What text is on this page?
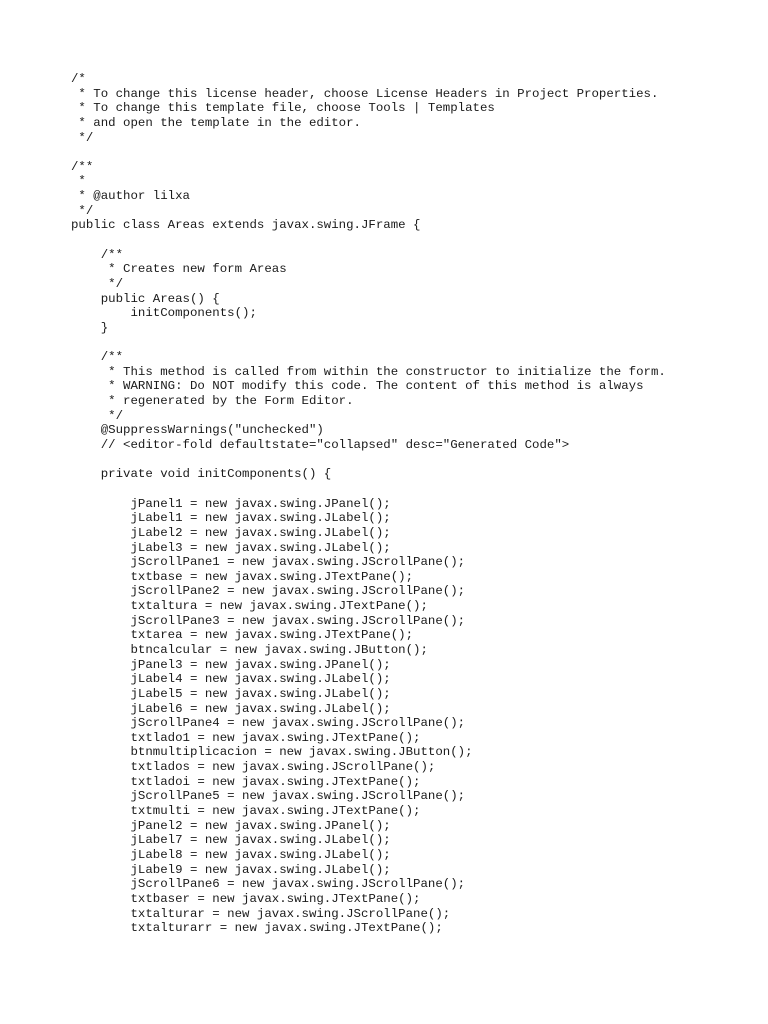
/*
* To change this license header, choose License Headers in Project Properties.
* To change this template file, choose Tools | Templates
* and open the template in the editor.
*/

/**
*
* @author lilxa
*/
public class Areas extends javax.swing.JFrame {

/**
* Creates new form Areas
*/
public Areas() {
initComponents();
}

/**
* This method is called from within the constructor to initialize the form.
* WARNING: Do NOT modify this code. The content of this method is always
* regenerated by the Form Editor.
*/
@SuppressWarnings("unchecked")
// <editor-fold defaultstate="collapsed" desc="Generated Code">

private void initComponents() {

jPanel1 = new javax.swing.JPanel();
jLabel1 = new javax.swing.JLabel();
jLabel2 = new javax.swing.JLabel();
jLabel3 = new javax.swing.JLabel();
jScrollPane1 = new javax.swing.JScrollPane();
txtbase = new javax.swing.JTextPane();
jScrollPane2 = new javax.swing.JScrollPane();
txtaltura = new javax.swing.JTextPane();
jScrollPane3 = new javax.swing.JScrollPane();
txtarea = new javax.swing.JTextPane();
btncalcular = new javax.swing.JButton();
jPanel3 = new javax.swing.JPanel();
jLabel4 = new javax.swing.JLabel();
jLabel5 = new javax.swing.JLabel();
jLabel6 = new javax.swing.JLabel();
jScrollPane4 = new javax.swing.JScrollPane();
txtlado1 = new javax.swing.JTextPane();
btnmultiplicacion = new javax.swing.JButton();
txtlados = new javax.swing.JScrollPane();
txtladoi = new javax.swing.JTextPane();
jScrollPane5 = new javax.swing.JScrollPane();
txtmulti = new javax.swing.JTextPane();
jPanel2 = new javax.swing.JPanel();
jLabel7 = new javax.swing.JLabel();
jLabel8 = new javax.swing.JLabel();
jLabel9 = new javax.swing.JLabel();
jScrollPane6 = new javax.swing.JScrollPane();
txtbaser = new javax.swing.JTextPane();
txtalturar = new javax.swing.JScrollPane();
txtalturarr = new javax.swing.JTextPane();
